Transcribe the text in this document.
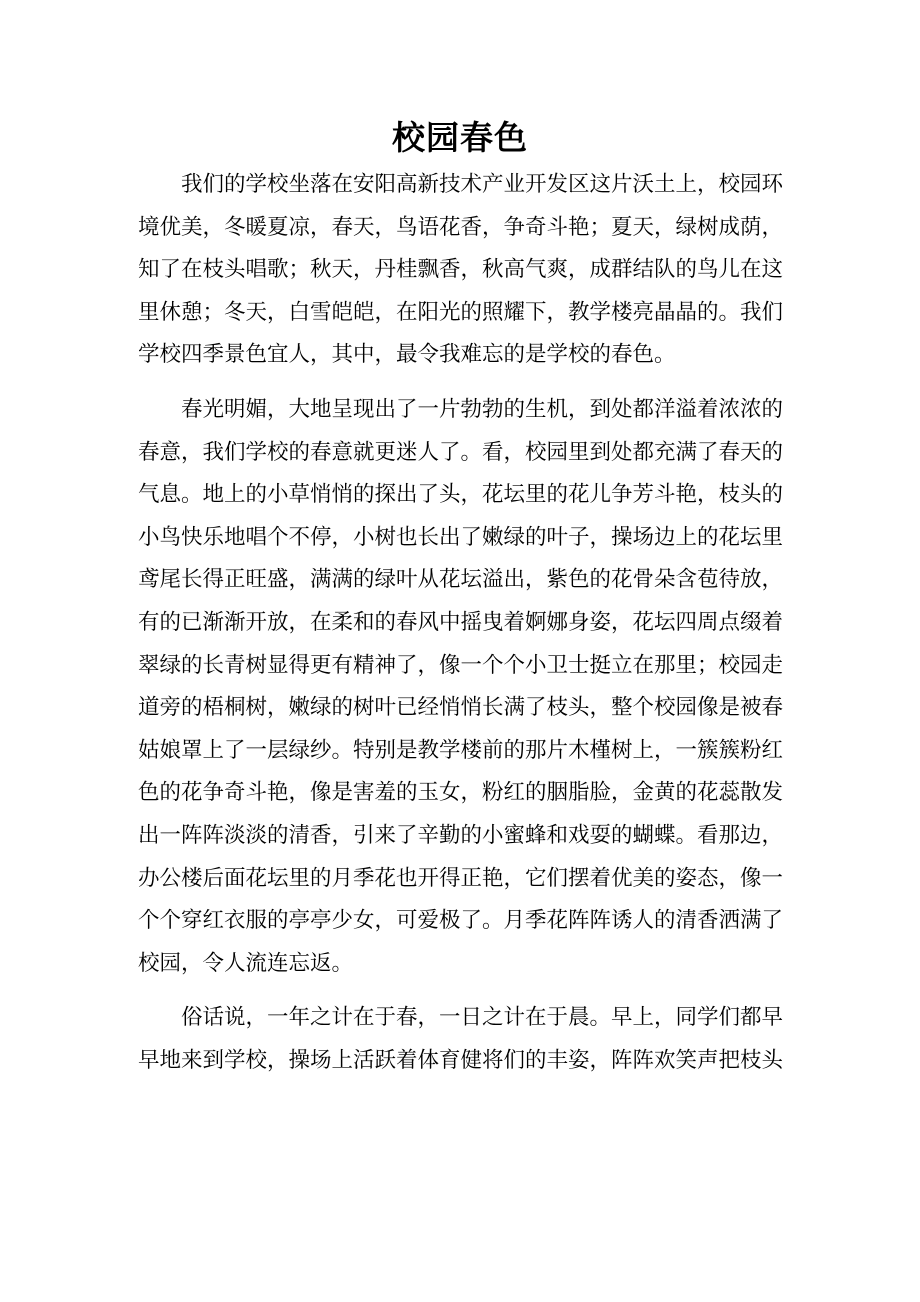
校园春色
我们的学校坐落在安阳高新技术产业开发区这片沃土上，校园环
境优美，冬暖夏凉，春天，鸟语花香，争奇斗艳；夏天，绿树成荫，
知了在枝头唱歌；秋天，丹桂飘香，秋高气爽，成群结队的鸟儿在这
里休憩；冬天，白雪皑皑，在阳光的照耀下，教学楼亮晶晶的。我们
学校四季景色宜人，其中，最令我难忘的是学校的春色。
春光明媚，大地呈现出了一片勃勃的生机，到处都洋溢着浓浓的
春意，我们学校的春意就更迷人了。看，校园里到处都充满了春天的
气息。地上的小草悄悄的探出了头，花坛里的花儿争芳斗艳，枝头的
小鸟快乐地唱个不停，小树也长出了嫩绿的叶子，操场边上的花坛里
鸢尾长得正旺盛，满满的绿叶从花坛溢出，紫色的花骨朵含苞待放，
有的已渐渐开放，在柔和的春风中摇曳着婀娜身姿，花坛四周点缀着
翠绿的长青树显得更有精神了，像一个个小卫士挺立在那里；校园走
道旁的梧桐树，嫩绿的树叶已经悄悄长满了枝头，整个校园像是被春
姑娘罩上了一层绿纱。特别是教学楼前的那片木槿树上，一簇簇粉红
色的花争奇斗艳，像是害羞的玉女，粉红的胭脂脸，金黄的花蕊散发
出一阵阵淡淡的清香，引来了辛勤的小蜜蜂和戏耍的蝴蝶。看那边，
办公楼后面花坛里的月季花也开得正艳，它们摆着优美的姿态，像一
个个穿红衣服的亭亭少女，可爱极了。月季花阵阵诱人的清香洒满了
校园，令人流连忘返。
俗话说，一年之计在于春，一日之计在于晨。早上，同学们都早
早地来到学校，操场上活跃着体育健将们的丰姿，阵阵欢笑声把枝头
